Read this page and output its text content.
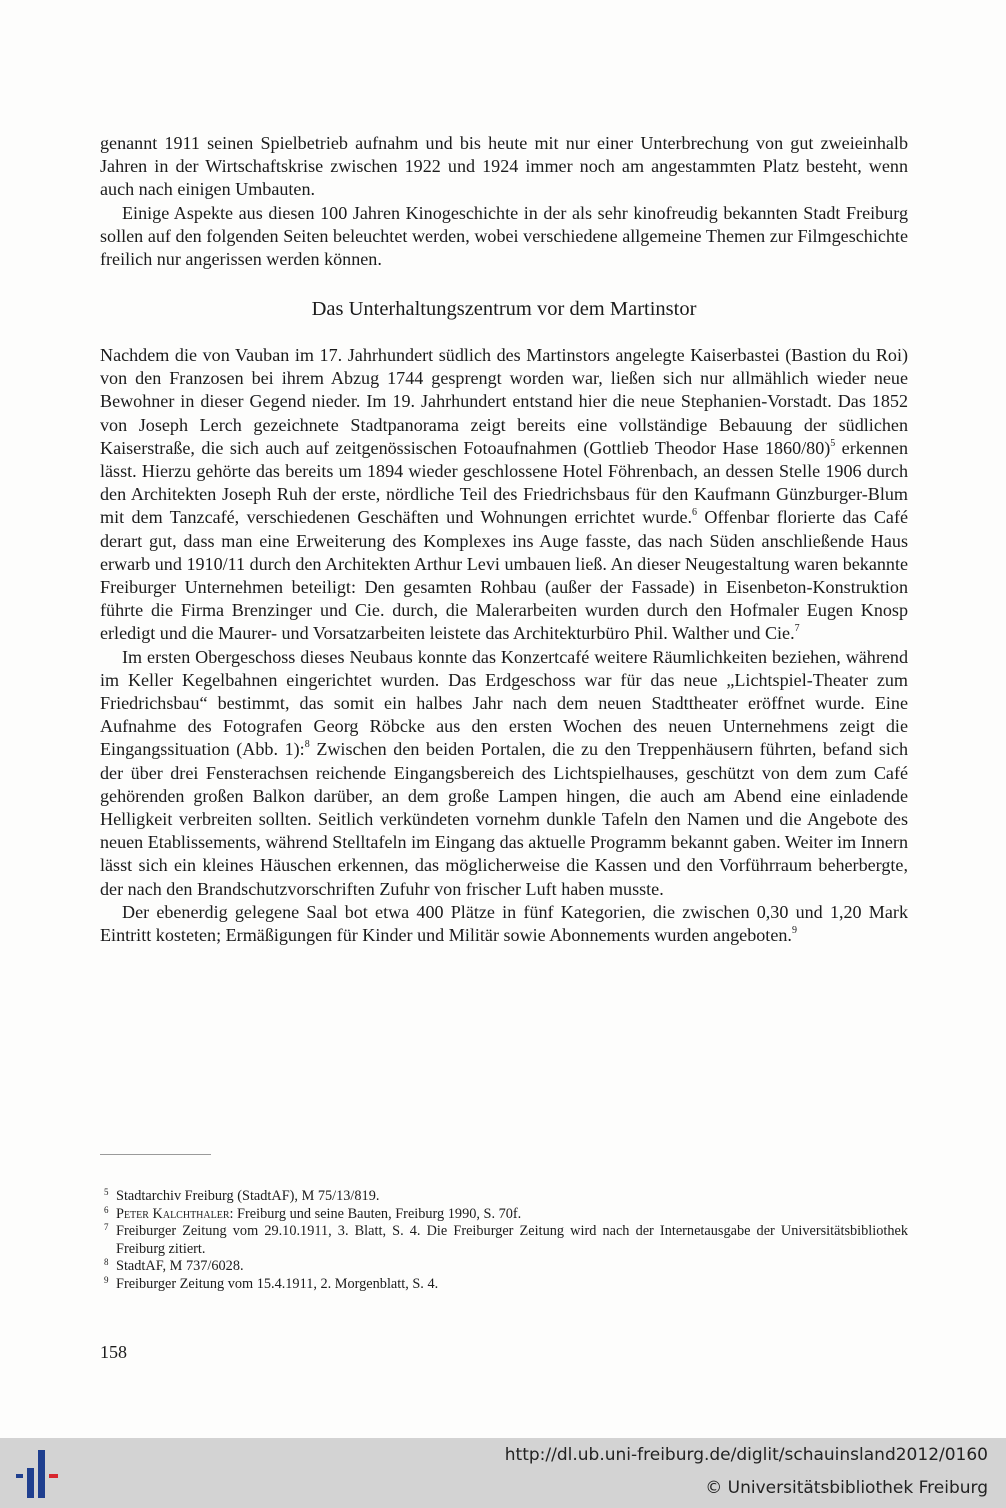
genannt 1911 seinen Spielbetrieb aufnahm und bis heute mit nur einer Unterbrechung von gut zweieinhalb Jahren in der Wirtschaftskrise zwischen 1922 und 1924 immer noch am angestammten Platz besteht, wenn auch nach einigen Umbauten.

Einige Aspekte aus diesen 100 Jahren Kinogeschichte in der als sehr kinofreudig bekannten Stadt Freiburg sollen auf den folgenden Seiten beleuchtet werden, wobei verschiedene allgemeine Themen zur Filmgeschichte freilich nur angerissen werden können.

Das Unterhaltungszentrum vor dem Martinstor

Nachdem die von Vauban im 17. Jahrhundert südlich des Martinstors angelegte Kaiserbastei (Bastion du Roi) von den Franzosen bei ihrem Abzug 1744 gesprengt worden war, ließen sich nur allmählich wieder neue Bewohner in dieser Gegend nieder. Im 19. Jahrhundert entstand hier die neue Stephanien-Vorstadt. Das 1852 von Joseph Lerch gezeichnete Stadtpanorama zeigt bereits eine vollständige Bebauung der südlichen Kaiserstraße, die sich auch auf zeitgenössischen Fotoaufnahmen (Gottlieb Theodor Hase 1860/80)$^5$ erkennen lässt. Hierzu gehörte das bereits um 1894 wieder geschlossene Hotel Föhrenbach, an dessen Stelle 1906 durch den Architekten Joseph Ruh der erste, nördliche Teil des Friedrichsbaus für den Kaufmann Günzburger-Blum mit dem Tanzcafé, verschiedenen Geschäften und Wohnungen errichtet wurde.$^6$ Offenbar florierte das Café derart gut, dass man eine Erweiterung des Komplexes ins Auge fasste, das nach Süden anschließende Haus erwarb und 1910/11 durch den Architekten Arthur Levi umbauen ließ. An dieser Neugestaltung waren bekannte Freiburger Unternehmen beteiligt: Den gesamten Rohbau (außer der Fassade) in Eisenbeton-Konstruktion führte die Firma Brenzinger und Cie. durch, die Malerarbeiten wurden durch den Hofmaler Eugen Knosp erledigt und die Maurer- und Vorsatzarbeiten leistete das Architekturbüro Phil. Walther und Cie.$^7$

Im ersten Obergeschoss dieses Neubaus konnte das Konzertcafé weitere Räumlichkeiten beziehen, während im Keller Kegelbahnen eingerichtet wurden. Das Erdgeschoss war für das neue „Lichtspiel-Theater zum Friedrichsbau“ bestimmt, das somit ein halbes Jahr nach dem neuen Stadttheater eröffnet wurde. Eine Aufnahme des Fotografen Georg Röbcke aus den ersten Wochen des neuen Unternehmens zeigt die Eingangssituation (Abb. 1):$^8$ Zwischen den beiden Portalen, die zu den Treppenhäusern führten, befand sich der über drei Fensterachsen reichende Eingangsbereich des Lichtspielhauses, geschützt von dem zum Café gehörenden großen Balkon darüber, an dem große Lampen hingen, die auch am Abend eine einladende Helligkeit verbreiten sollten. Seitlich verkündeten vornehm dunkle Tafeln den Namen und die Angebote des neuen Etablissements, während Stelltafeln im Eingang das aktuelle Programm bekannt gaben. Weiter im Innern lässt sich ein kleines Häuschen erkennen, das möglicherweise die Kassen und den Vorführraum beherbergte, der nach den Brandschutzvorschriften Zufuhr von frischer Luft haben musste.

Der ebenerdig gelegene Saal bot etwa 400 Plätze in fünf Kategorien, die zwischen 0,30 und 1,20 Mark Eintritt kosteten; Ermäßigungen für Kinder und Militär sowie Abonnements wurden angeboten.$^9$

5 Stadtarchiv Freiburg (StadtAF), M 75/13/819.
6 Peter Kalchthaler: Freiburg und seine Bauten, Freiburg 1990, S. 70f.
7 Freiburger Zeitung vom 29.10.1911, 3. Blatt, S. 4. Die Freiburger Zeitung wird nach der Internetausgabe der Universitätsbibliothek Freiburg zitiert.
8 StadtAF, M 737/6028.
9 Freiburger Zeitung vom 15.4.1911, 2. Morgenblatt, S. 4.
158
http://dl.ub.uni-freiburg.de/diglit/schauinsland2012/0160
© Universitätsbibliothek Freiburg
